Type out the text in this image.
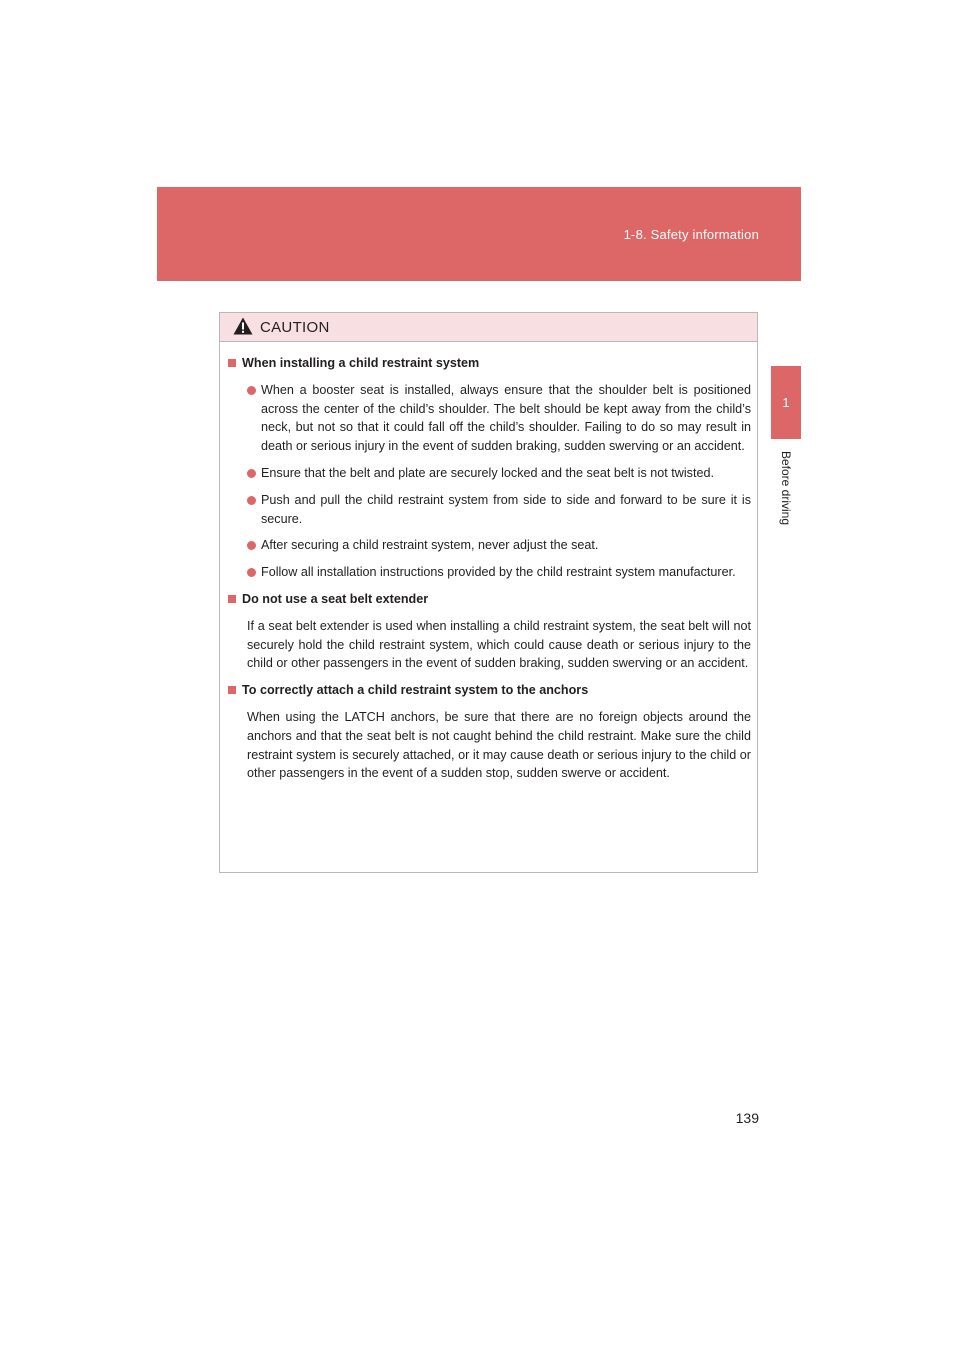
1-8. Safety information
1
Before driving
CAUTION
When installing a child restraint system
When a booster seat is installed, always ensure that the shoulder belt is positioned across the center of the child’s shoulder. The belt should be kept away from the child’s neck, but not so that it could fall off the child’s shoulder. Failing to do so may result in death or serious injury in the event of sudden braking, sudden swerving or an accident.
Ensure that the belt and plate are securely locked and the seat belt is not twisted.
Push and pull the child restraint system from side to side and forward to be sure it is secure.
After securing a child restraint system, never adjust the seat.
Follow all installation instructions provided by the child restraint system manufacturer.
Do not use a seat belt extender
If a seat belt extender is used when installing a child restraint system, the seat belt will not securely hold the child restraint system, which could cause death or serious injury to the child or other passengers in the event of sudden braking, sudden swerving or an accident.
To correctly attach a child restraint system to the anchors
When using the LATCH anchors, be sure that there are no foreign objects around the anchors and that the seat belt is not caught behind the child restraint. Make sure the child restraint system is securely attached, or it may cause death or serious injury to the child or other passengers in the event of a sudden stop, sudden swerve or accident.
139
